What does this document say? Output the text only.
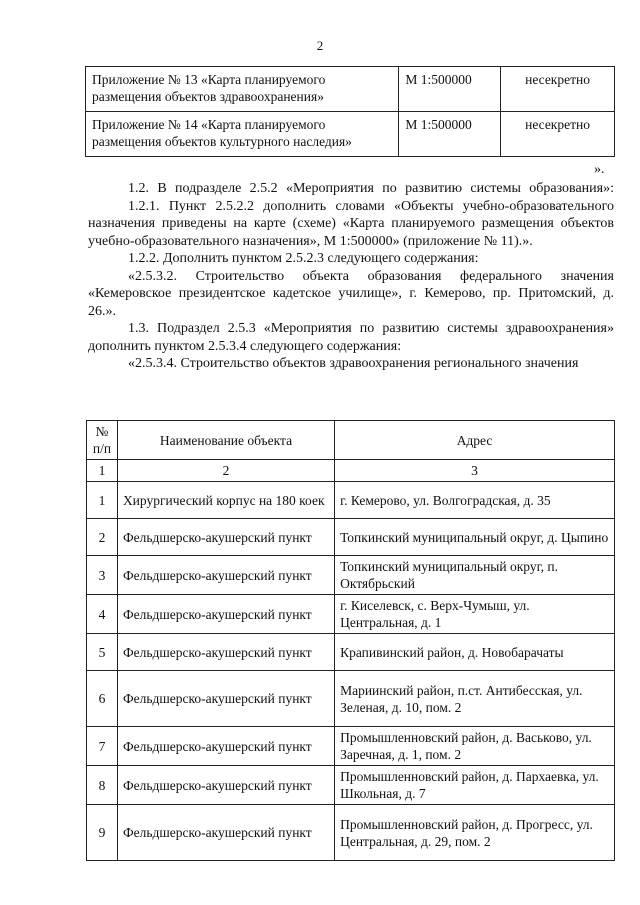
2
Приложение № 13 «Карта планируемого размещения объектов здравоохранения»	М 1:500000	несекретно
Приложение № 14 «Карта планируемого размещения объектов культурного наследия»	М 1:500000	несекретно
».

1.2. В подразделе 2.5.2 «Мероприятия по развитию системы образования»:

1.2.1. Пункт 2.5.2.2 дополнить словами «Объекты учебно-образовательного назначения приведены на карте (схеме) «Карта планируемого размещения объектов учебно-образовательного назначения», М 1:500000» (приложение № 11).».

1.2.2. Дополнить пунктом 2.5.2.3 следующего содержания:

«2.5.3.2. Строительство объекта образования федерального значения «Кемеровское президентское кадетское училище», г. Кемерово, пр. Притомский, д. 26.».

1.3. Подраздел 2.5.3 «Мероприятия по развитию системы здравоохранения» дополнить пунктом 2.5.3.4 следующего содержания:

«2.5.3.4. Строительство объектов здравоохранения регионального значения

№ п/п	Наименование объекта	Адрес
1	2	3
1	Хирургический корпус на 180 коек	г. Кемерово, ул. Волгоградская, д. 35
2	Фельдшерско-акушерский пункт	Топкинский муниципальный округ, д. Цыпино
3	Фельдшерско-акушерский пункт	Топкинский муниципальный округ, п. Октябрьский
4	Фельдшерско-акушерский пункт	г. Киселевск, с. Верх-Чумыш, ул. Центральная, д. 1
5	Фельдшерско-акушерский пункт	Крапивинский район, д. Новобарачаты
6	Фельдшерско-акушерский пункт	Мариинский район, п.ст. Антибесская, ул. Зеленая, д. 10, пом. 2
7	Фельдшерско-акушерский пункт	Промышленновский район, д. Васьково, ул. Заречная, д. 1, пом. 2
8	Фельдшерско-акушерский пункт	Промышленновский район, д. Пархаевка, ул. Школьная, д. 7
9	Фельдшерско-акушерский пункт	Промышленновский район, д. Прогресс, ул. Центральная, д. 29, пом. 2
